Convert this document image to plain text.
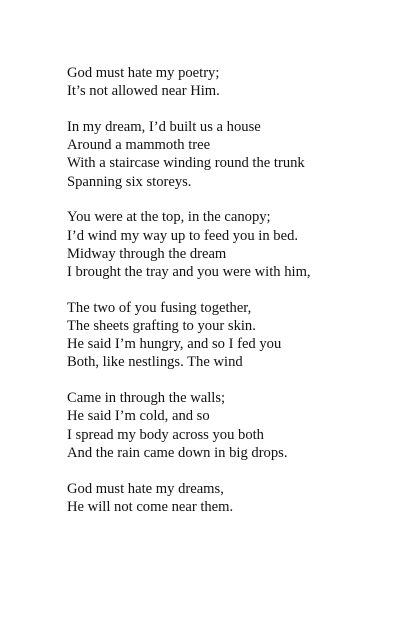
God must hate my poetry;
It’s not allowed near Him.
In my dream, I’d built us a house
Around a mammoth tree
With a staircase winding round the trunk
Spanning six storeys.
You were at the top, in the canopy;
I’d wind my way up to feed you in bed.
Midway through the dream
I brought the tray and you were with him,
The two of you fusing together,
The sheets grafting to your skin.
He said I’m hungry, and so I fed you
Both, like nestlings. The wind
Came in through the walls;
He said I’m cold, and so
I spread my body across you both
And the rain came down in big drops.
God must hate my dreams,
He will not come near them.
